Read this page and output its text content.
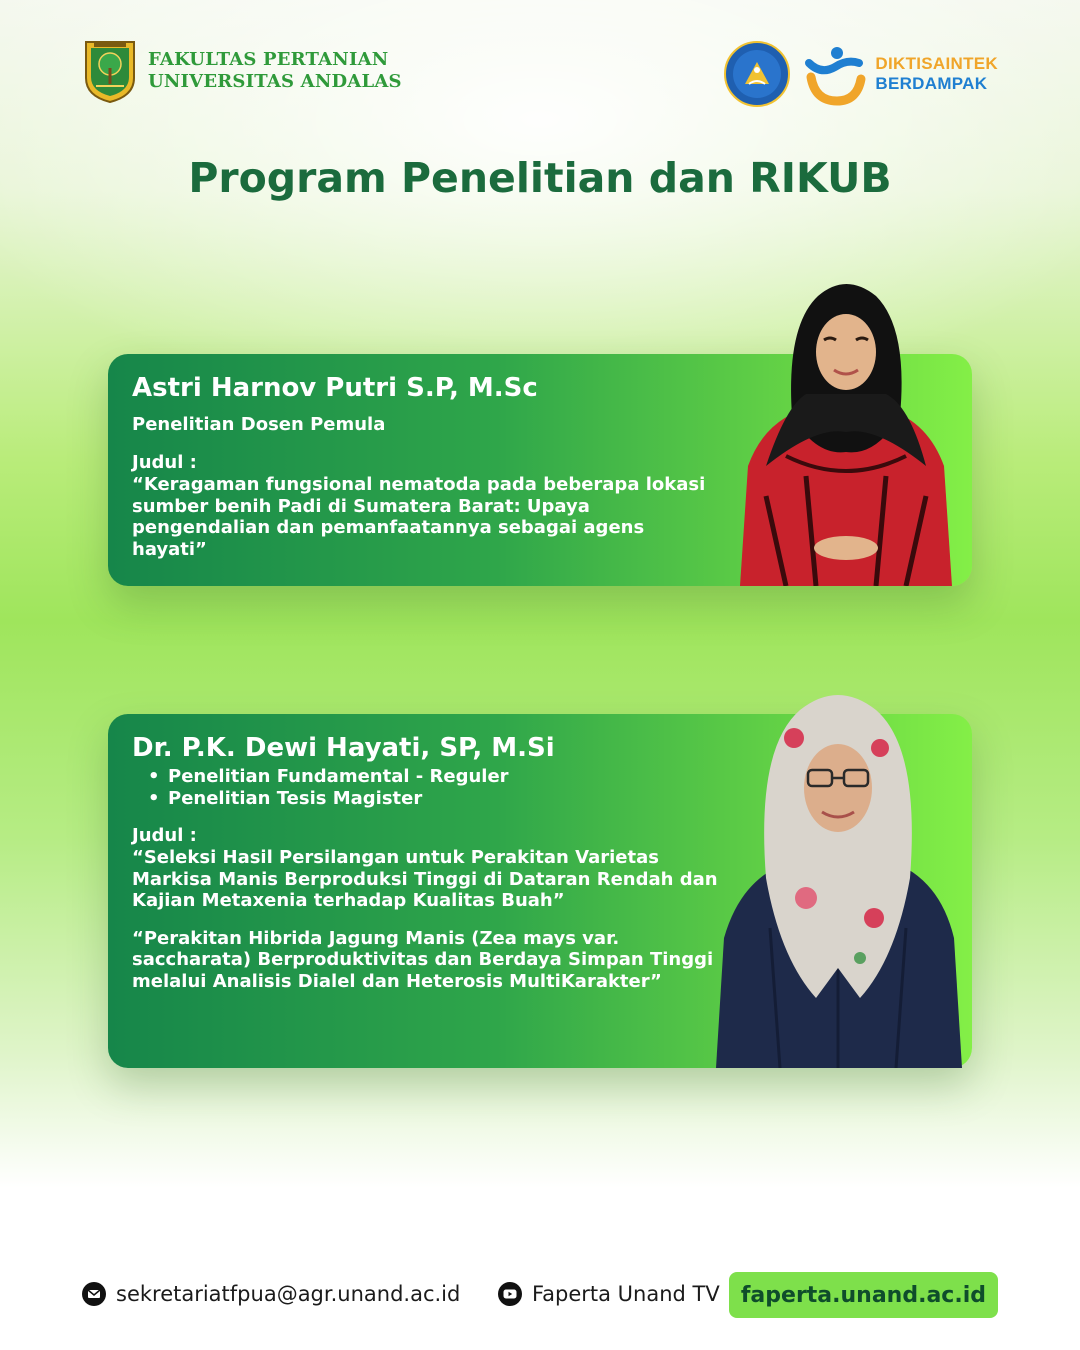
FAKULTAS PERTANIAN
UNIVERSITAS ANDALAS
DIKTISAINTEK
BERDAMPAK
Program Penelitian dan RIKUB
Astri Harnov Putri S.P, M.Sc
Penelitian Dosen Pemula
Judul :
“Keragaman fungsional nematoda pada beberapa lokasi sumber benih Padi di Sumatera Barat: Upaya pengendalian dan pemanfaatannya sebagai agens hayati”
Dr. P.K. Dewi Hayati, SP, M.Si
• Penelitian Fundamental - Reguler
• Penelitian Tesis Magister
Judul :
“Seleksi Hasil Persilangan untuk Perakitan Varietas Markisa Manis Berproduksi Tinggi di Dataran Rendah dan Kajian Metaxenia terhadap Kualitas Buah”
“Perakitan Hibrida Jagung Manis (Zea mays var. saccharata) Berproduktivitas dan Berdaya Simpan Tinggi melalui Analisis Dialel dan Heterosis MultiKarakter”
sekretariatfpua@agr.unand.ac.id	Faperta Unand TV faperta.unand.ac.id
